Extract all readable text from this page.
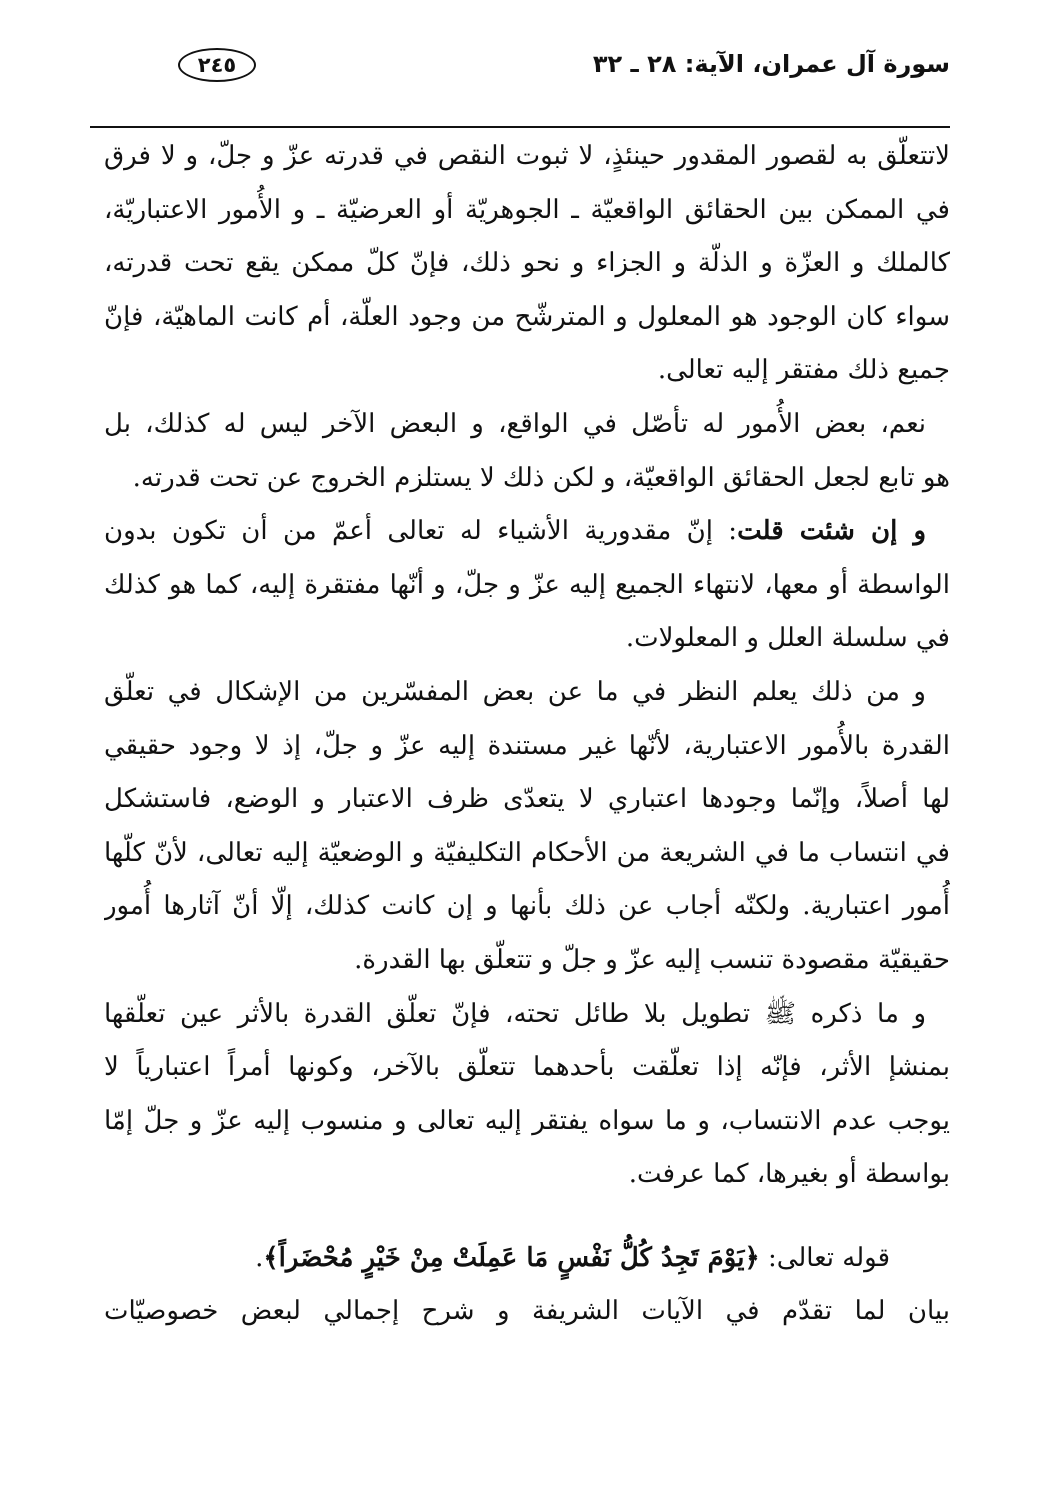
سورة آل عمران، الآية: ٢٨ ـ ٣٢
٢٤٥
لاتتعلّق به لقصور المقدور حينئذٍ، لا ثبوت النقص في قدرته عزّ و جلّ، و لا فرق
في الممكن بين الحقائق الواقعيّة ـ الجوهريّة أو العرضيّة ـ و الأُمور الاعتباريّة،
كالملك و العزّة و الذلّة و الجزاء و نحو ذلك، فإنّ كلّ ممكن يقع تحت قدرته،
سواء كان الوجود هو المعلول و المترشّح من وجود العلّة، أم كانت الماهيّة، فإنّ
جميع ذلك مفتقر إليه تعالى.
نعم، بعض الأُمور له تأصّل في الواقع، و البعض الآخر ليس له كذلك، بل
هو تابع لجعل الحقائق الواقعيّة، و لكن ذلك لا يستلزم الخروج عن تحت قدرته.
و إن شئت قلت: إنّ مقدورية الأشياء له تعالى أعمّ من أن تكون بدون
الواسطة أو معها، لانتهاء الجميع إليه عزّ و جلّ، و أنّها مفتقرة إليه، كما هو كذلك
في سلسلة العلل و المعلولات.
و من ذلك يعلم النظر في ما عن بعض المفسّرين من الإشكال في تعلّق
القدرة بالأُمور الاعتبارية، لأنّها غير مستندة إليه عزّ و جلّ، إذ لا وجود حقيقي
لها أصلاً، وإنّما وجودها اعتباري لا يتعدّى ظرف الاعتبار و الوضع، فاستشكل
في انتساب ما في الشريعة من الأحكام التكليفيّة و الوضعيّة إليه تعالى، لأنّ كلّها
أُمور اعتبارية. ولكنّه أجاب عن ذلك بأنها و إن كانت كذلك، إلّا أنّ آثارها أُمور
حقيقيّة مقصودة تنسب إليه عزّ و جلّ و تتعلّق بها القدرة.
و ما ذكره ﷺ تطويل بلا طائل تحته، فإنّ تعلّق القدرة بالأثر عين تعلّقها
بمنشإ الأثر، فإنّه إذا تعلّقت بأحدهما تتعلّق بالآخر، وكونها أمراً اعتبارياً لا
يوجب عدم الانتساب، و ما سواه يفتقر إليه تعالى و منسوب إليه عزّ و جلّ إمّا
بواسطة أو بغيرها، كما عرفت.
قوله تعالى: ﴿يَوْمَ تَجِدُ كُلُّ نَفْسٍ مَا عَمِلَتْ مِنْ خَيْرٍ مُحْضَراً﴾.
بيان لما تقدّم في الآيات الشريفة و شرح إجمالي لبعض خصوصيّات
